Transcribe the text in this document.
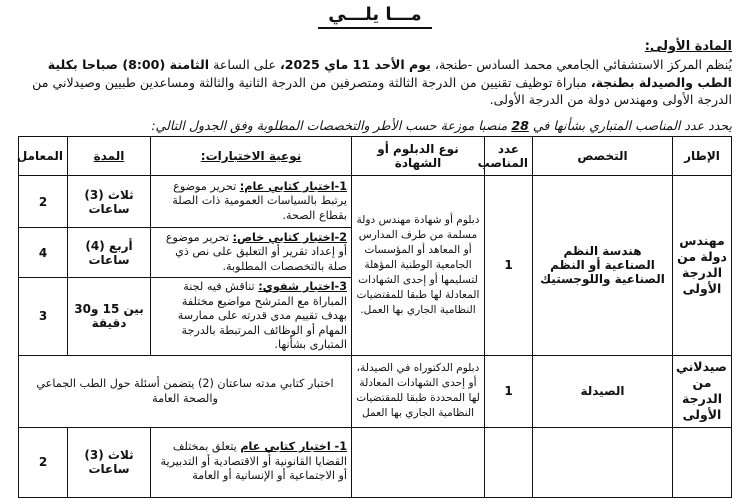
مـــا يلـــي
المادة الأولى:
يُنظم المركز الاستشفائي الجامعي محمد السادس -طنجة، يوم الأحد 11 ماي 2025، على الساعة الثامنة (8:00) صباحا بكلية الطب والصيدلة بطنجة، مباراة توظيف تقنيين من الدرجة الثالثة ومتصرفين من الدرجة الثانية والثالثة ومساعدين طبيين وصيدلاني من الدرجة الأولى ومهندس دولة من الدرجة الأولى.
يحدد عدد المناصب المتباري بشأنها في 28 منصبا موزعة حسب الأطر والتخصصات المطلوبة وفق الجدول التالي:
الإطار	التخصص	عدد المناصب	نوع الدبلوم أو الشهادة	نوعية الاختبارات:	المدة	المعامل
مهندس دولة من الدرجة الأولى	هندسة النظم الصناعية أو النظم الصناعية واللوجستيك	1	دبلوم أو شهادة مهندس دولة مسلمة من طرف المدارس أو المعاهد أو المؤسسات الجامعية الوطنية المؤهلة لتسليمها أو إحدى الشهادات المعادلة لها طبقا للمقتضيات النظامية الجاري بها العمل.	1-اختبار كتابي عام: تحرير موضوع يرتبط بالسياسات العمومية ذات الصلة بقطاع الصحة.	ثلاث (3) ساعات	2
				2-اختبار كتابي خاص: تحرير موضوع أو إعداد تقرير أو التعليق على نص ذي صلة بالتخصصات المطلوبة.	أربع (4) ساعات	4
				3-اختبار شفوي: تناقش فيه لجنة المباراة مع المترشح مواضيع مختلفة بهدف تقييم مدى قدرته على ممارسة المهام أو الوظائف المرتبطة بالدرجة المتبارى بشأنها.	بين 15 و30 دقيقة	3
صيدلاني من الدرجة الأولى	الصيدلة	1	دبلوم الدكتوراه في الصيدلة، أو إحدى الشهادات المعادلة لها المحددة طبقا للمقتضيات النظامية الجاري بها العمل	اختبار كتابي مدته ساعتان (2) يتضمن أسئلة حول الطب الجماعي والصحة العامة		
				1- اختبار كتابي عام يتعلق بمختلف القضايا القانونية أو الاقتصادية أو التدبيرية أو الاجتماعية أو الإنسانية أو العامة	ثلاث (3) ساعات	2
